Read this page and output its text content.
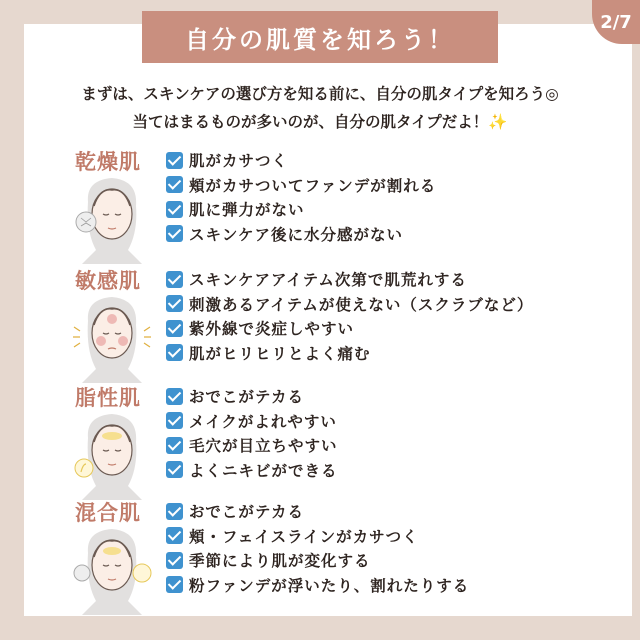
自分の肌質を知ろう！
2/7
まずは、スキンケアの選び方を知る前に、自分の肌タイプを知ろう◎
当てはまるものが多いのが、自分の肌タイプだよ！✨
乾燥肌	肌がカサつく
頬がカサついてファンデが割れる
肌に弾力がない
スキンケア後に水分感がない
敏感肌	スキンケアアイテム次第で肌荒れする
刺激あるアイテムが使えない（スクラブなど）
紫外線で炎症しやすい
肌がヒリヒリとよく痛む
脂性肌	おでこがテカる
メイクがよれやすい
毛穴が目立ちやすい
よくニキビができる
混合肌	おでこがテカる
頬・フェイスラインがカサつく
季節により肌が変化する
粉ファンデが浮いたり、割れたりする
